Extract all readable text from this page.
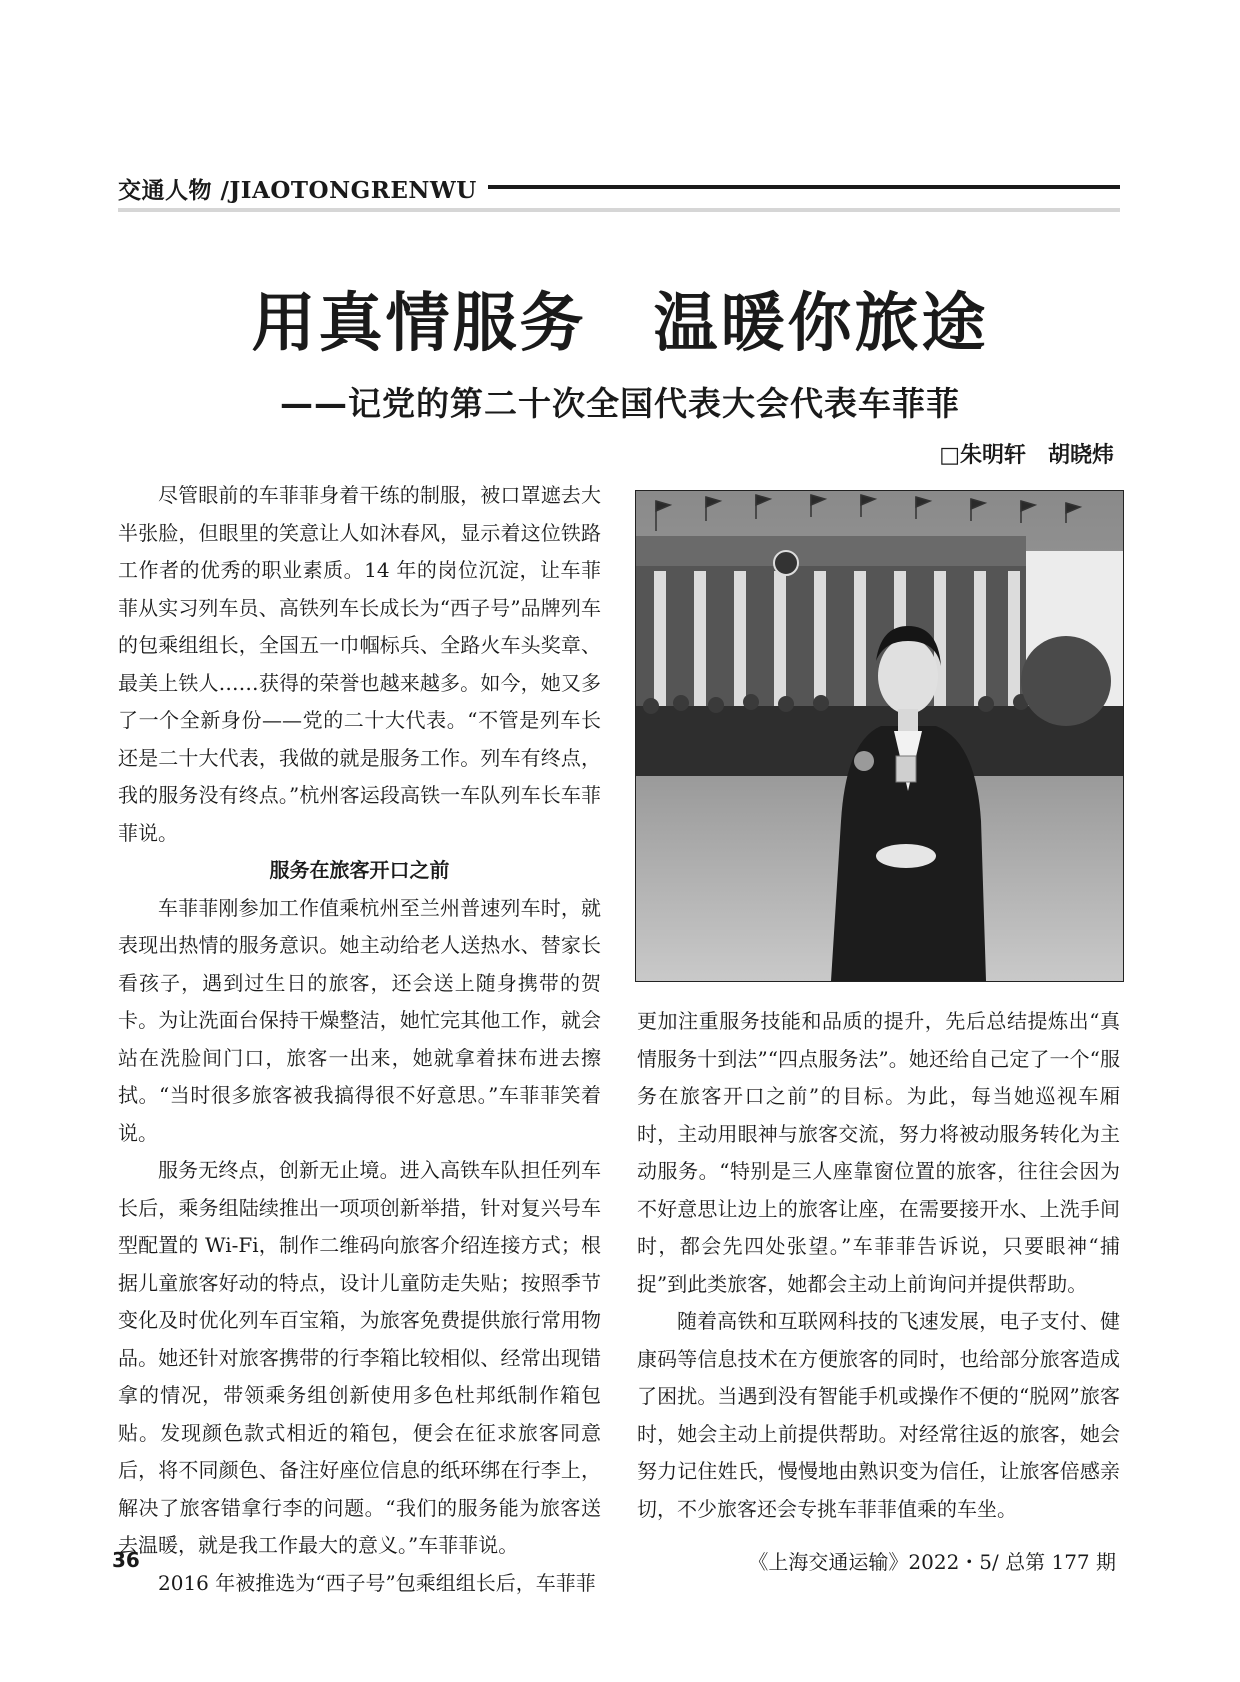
交通人物 /JIAOTONGRENWU
用真情服务　温暖你旅途
——记党的第二十次全国代表大会代表车菲菲
□朱明轩　胡晓炜

尽管眼前的车菲菲身着干练的制服，被口罩遮去大半张脸，但眼里的笑意让人如沐春风，显示着这位铁路工作者的优秀的职业素质。14 年的岗位沉淀，让车菲菲从实习列车员、高铁列车长成长为“西子号”品牌列车的包乘组组长，全国五一巾帼标兵、全路火车头奖章、最美上铁人……获得的荣誉也越来越多。如今，她又多了一个全新身份——党的二十大代表。“不管是列车长还是二十大代表，我做的就是服务工作。列车有终点，我的服务没有终点。”杭州客运段高铁一车队列车长车菲菲说。

服务在旅客开口之前

车菲菲刚参加工作值乘杭州至兰州普速列车时，就表现出热情的服务意识。她主动给老人送热水、替家长看孩子，遇到过生日的旅客，还会送上随身携带的贺卡。为让洗面台保持干燥整洁，她忙完其他工作，就会站在洗脸间门口，旅客一出来，她就拿着抹布进去擦拭。“当时很多旅客被我搞得很不好意思。”车菲菲笑着说。

服务无终点，创新无止境。进入高铁车队担任列车长后，乘务组陆续推出一项项创新举措，针对复兴号车型配置的 Wi-Fi，制作二维码向旅客介绍连接方式；根据儿童旅客好动的特点，设计儿童防走失贴；按照季节变化及时优化列车百宝箱，为旅客免费提供旅行常用物品。她还针对旅客携带的行李箱比较相似、经常出现错拿的情况，带领乘务组创新使用多色杜邦纸制作箱包贴。发现颜色款式相近的箱包，便会在征求旅客同意后，将不同颜色、备注好座位信息的纸环绑在行李上，解决了旅客错拿行李的问题。“我们的服务能为旅客送去温暖，就是我工作最大的意义。”车菲菲说。

2016 年被推选为“西子号”包乘组组长后，车菲菲

更加注重服务技能和品质的提升，先后总结提炼出“真情服务十到法”“四点服务法”。她还给自己定了一个“服务在旅客开口之前”的目标。为此，每当她巡视车厢时，主动用眼神与旅客交流，努力将被动服务转化为主动服务。“特别是三人座靠窗位置的旅客，往往会因为不好意思让边上的旅客让座，在需要接开水、上洗手间时，都会先四处张望。”车菲菲告诉说，只要眼神“捕捉”到此类旅客，她都会主动上前询问并提供帮助。

随着高铁和互联网科技的飞速发展，电子支付、健康码等信息技术在方便旅客的同时，也给部分旅客造成了困扰。当遇到没有智能手机或操作不便的“脱网”旅客时，她会主动上前提供帮助。对经常往返的旅客，她会努力记住姓氏，慢慢地由熟识变为信任，让旅客倍感亲切，不少旅客还会专挑车菲菲值乘的车坐。

36	《上海交通运输》2022・5/ 总第 177 期
